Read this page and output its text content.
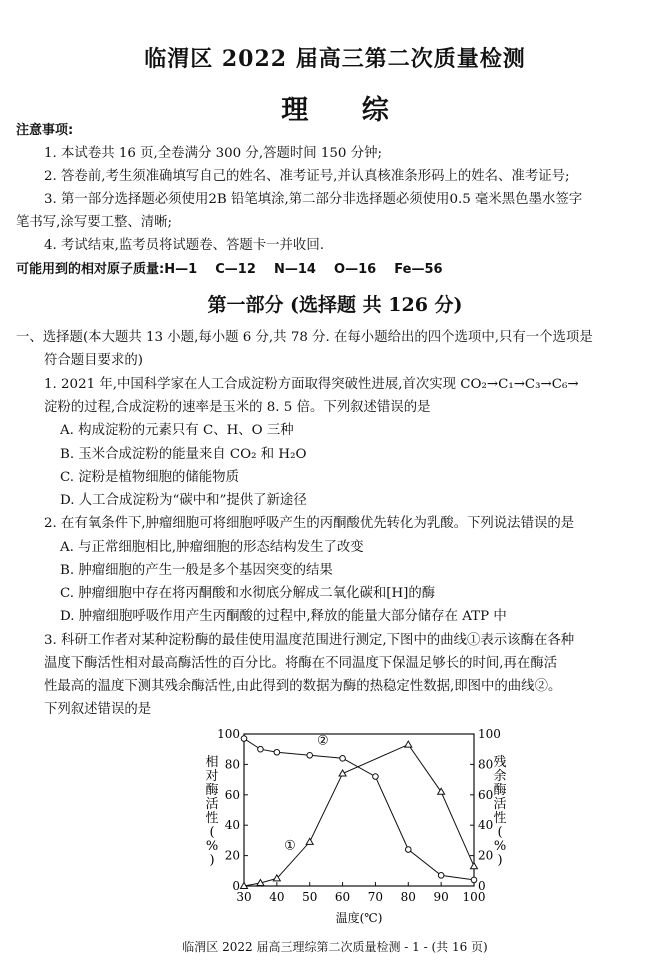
临渭区 2022 届高三第二次质量检测
理 综
注意事项:
1. 本试卷共 16 页,全卷满分 300 分,答题时间 150 分钟;
2. 答卷前,考生须准确填写自己的姓名、准考证号,并认真核准条形码上的姓名、准考证号;
3. 第一部分选择题必须使用2B 铅笔填涂,第二部分非选择题必须使用0.5 毫米黑色墨水签字
笔书写,涂写要工整、清晰;
4. 考试结束,监考员将试题卷、答题卡一并收回.
可能用到的相对原子质量:H—1    C—12    N—14    O—16    Fe—56
第一部分 (选择题 共 126 分)
一、选择题(本大题共 13 小题,每小题 6 分,共 78 分. 在每小题给出的四个选项中,只有一个选项是
符合题目要求的)
1. 2021 年,中国科学家在人工合成淀粉方面取得突破性进展,首次实现 CO₂→C₁→C₃→C₆→
淀粉的过程,合成淀粉的速率是玉米的 8. 5 倍。下列叙述错误的是
A. 构成淀粉的元素只有 C、H、O 三种
B. 玉米合成淀粉的能量来自 CO₂ 和 H₂O
C. 淀粉是植物细胞的储能物质
D. 人工合成淀粉为“碳中和”提供了新途径
2. 在有氧条件下,肿瘤细胞可将细胞呼吸产生的丙酮酸优先转化为乳酸。下列说法错误的是
A. 与正常细胞相比,肿瘤细胞的形态结构发生了改变
B. 肿瘤细胞的产生一般是多个基因突变的结果
C. 肿瘤细胞中存在将丙酮酸和水彻底分解成二氧化碳和[H]的酶
D. 肿瘤细胞呼吸作用产生丙酮酸的过程中,释放的能量大部分储存在 ATP 中
3. 科研工作者对某种淀粉酶的最佳使用温度范围进行测定,下图中的曲线①表示该酶在各种
温度下酶活性相对最高酶活性的百分比。将酶在不同温度下保温足够长的时间,再在酶活
性最高的温度下测其残余酶活性,由此得到的数据为酶的热稳定性数据,即图中的曲线②。
下列叙述错误的是
30 40 50 60 70 80 90 100
0	0
20	20
40	40
60	60
80	80
100	100
相
对
酶
活
性
(
%
)
残
余
酶
活
性
(
%
)
温度(℃)
①
②
临渭区 2022 届高三理综第二次质量检测 - 1 - (共 16 页)
